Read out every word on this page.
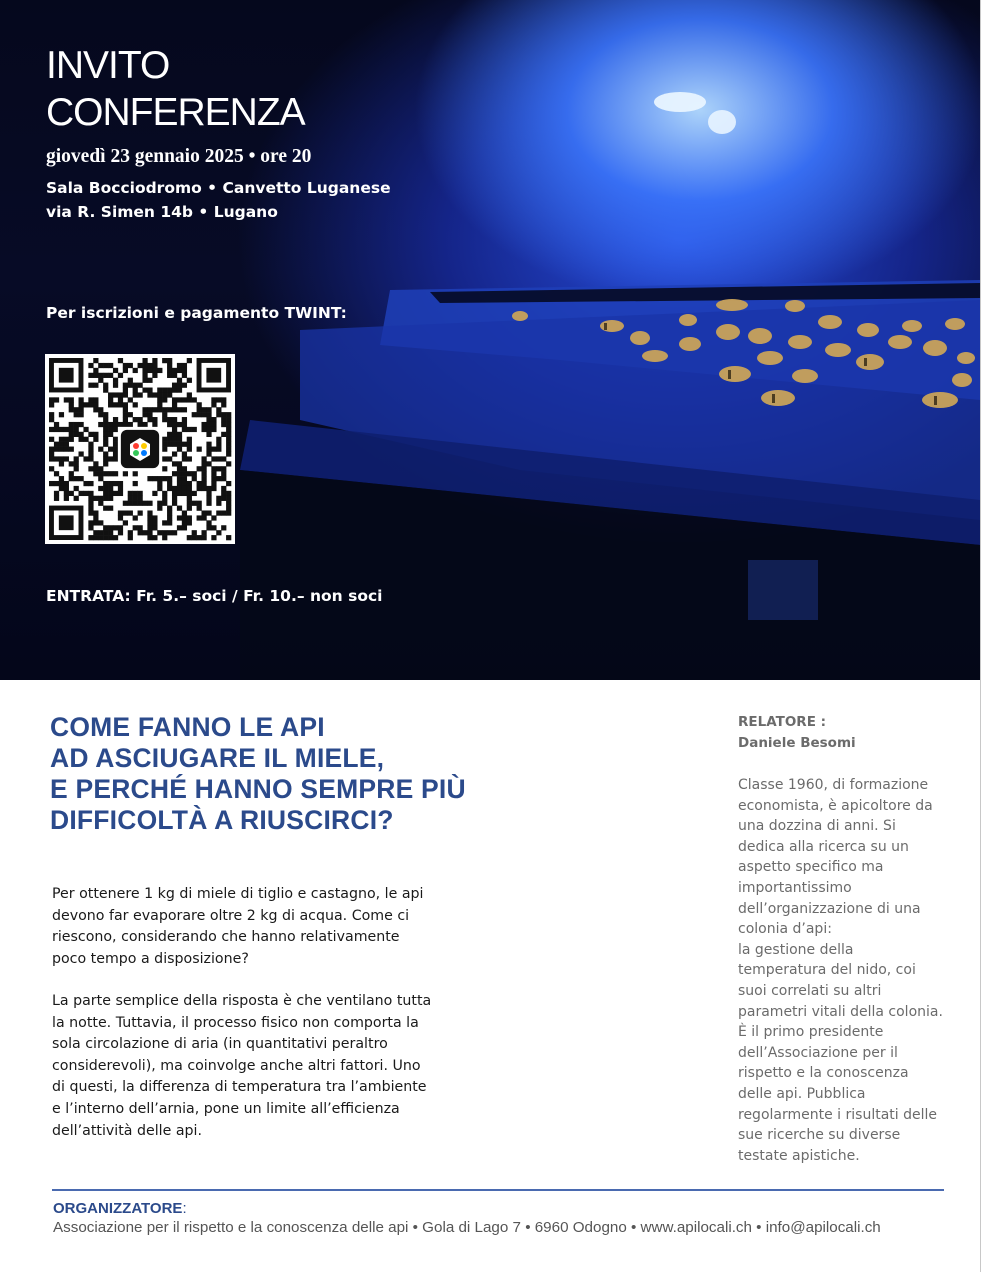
INVITO
CONFERENZA
giovedì 23 gennaio 2025 • ore 20
Sala Bocciodromo • Canvetto Luganese
via R. Simen 14b • Lugano
Per iscrizioni e pagamento TWINT:
ENTRATA: Fr. 5.– soci / Fr. 10.– non soci
COME FANNO LE API
AD ASCIUGARE IL MIELE,
E PERCHÉ HANNO SEMPRE PIÙ
DIFFICOLTÀ A RIUSCIRCI?
Per ottenere 1 kg di miele di tiglio e castagno, le api
devono far evaporare oltre 2 kg di acqua. Come ci
riescono, considerando che hanno relativamente
poco tempo a disposizione?
La parte semplice della risposta è che ventilano tutta
la notte. Tuttavia, il processo fisico non comporta la
sola circolazione di aria (in quantitativi peraltro
considerevoli), ma coinvolge anche altri fattori. Uno
di questi, la differenza di temperatura tra l’ambiente
e l’interno dell’arnia, pone un limite all’efficienza
dell’attività delle api.
RELATORE :
Daniele Besomi
Classe 1960, di formazione
economista, è apicoltore da
una dozzina di anni. Si
dedica alla ricerca su un
aspetto specifico ma
importantissimo
dell’organizzazione di una
colonia d’api:
la gestione della
temperatura del nido, coi
suoi correlati su altri
parametri vitali della colonia.
È il primo presidente
dell’Associazione per il
rispetto e la conoscenza
delle api. Pubblica
regolarmente i risultati delle
sue ricerche su diverse
testate apistiche.
ORGANIZZATORE:
Associazione per il rispetto e la conoscenza delle api • Gola di Lago 7 • 6960 Odogno • www.apilocali.ch • info@apilocali.ch
